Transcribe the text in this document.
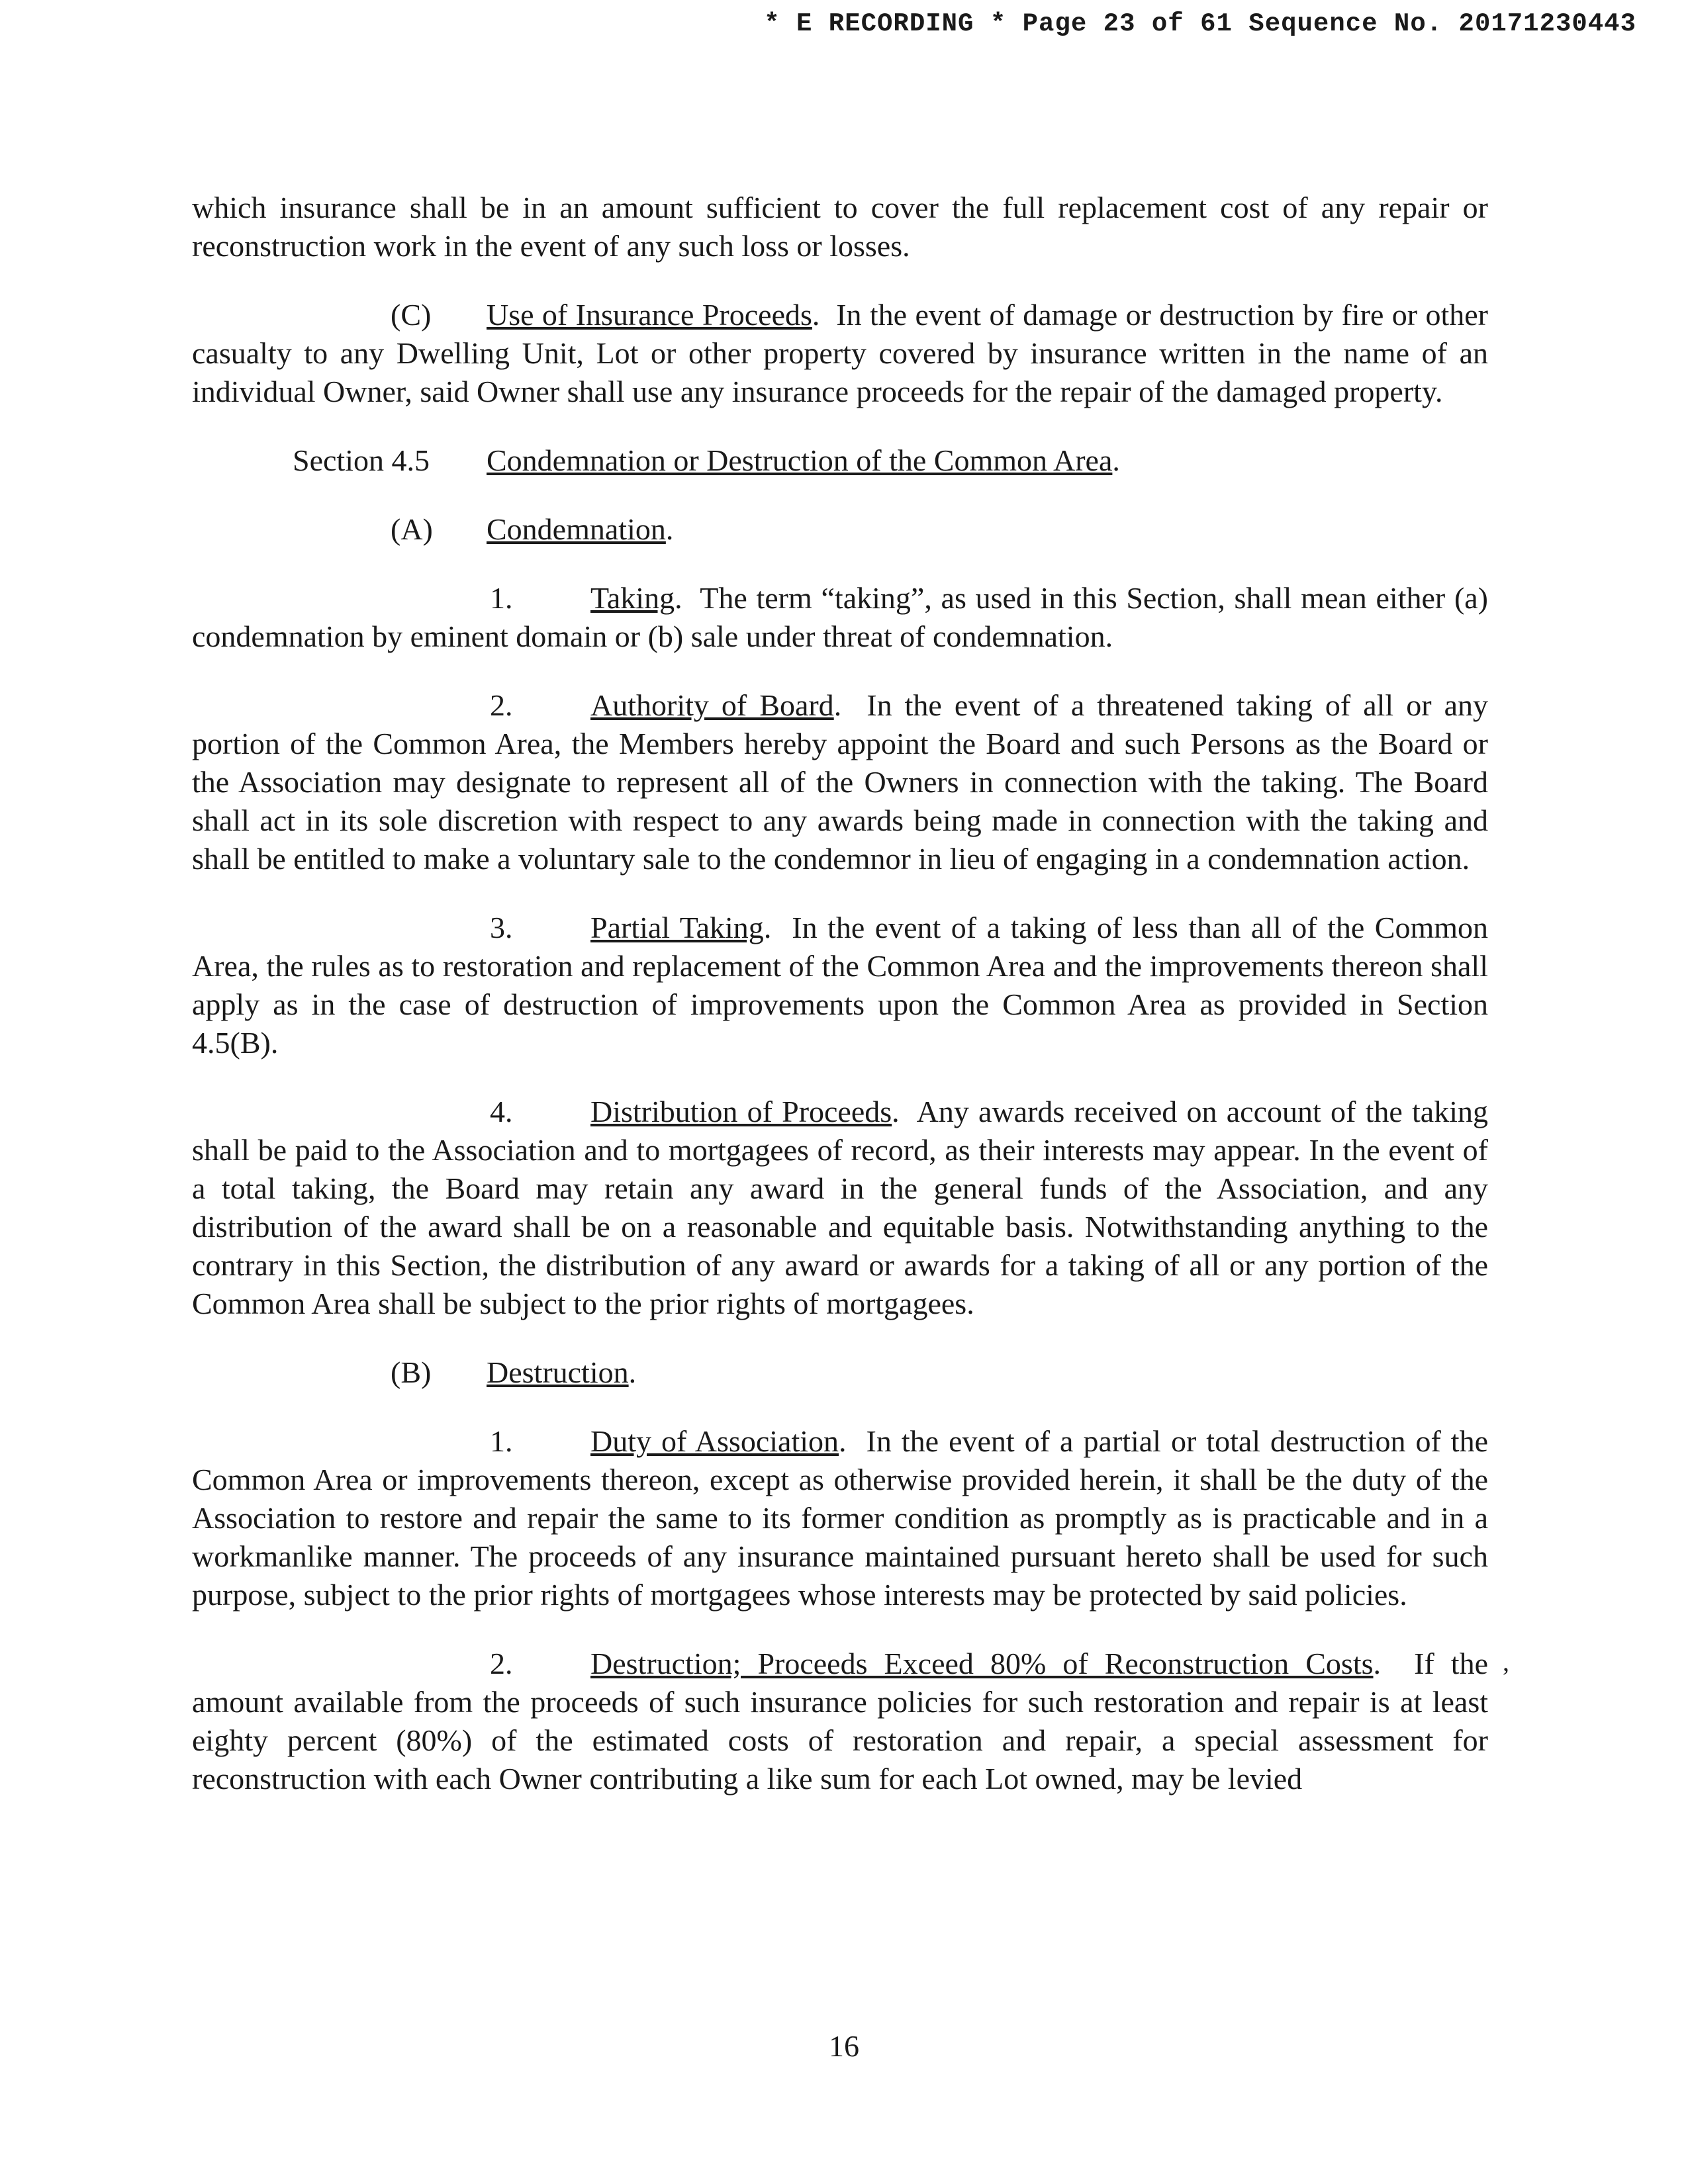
* E RECORDING * Page 23 of 61 Sequence No. 20171230443

which insurance shall be in an amount sufficient to cover the full replacement cost of any repair or reconstruction work in the event of any such loss or losses.

(C) Use of Insurance Proceeds.  In the event of damage or destruction by fire or other casualty to any Dwelling Unit, Lot or other property covered by insurance written in the name of an individual Owner, said Owner shall use any insurance proceeds for the repair of the damaged property.

Section 4.5 Condemnation or Destruction of the Common Area.
(A) Condemnation.

1.	Taking.  The term “taking”, as used in this Section, shall mean either (a) condemnation by eminent domain or (b) sale under threat of condemnation.

2.	Authority of Board.  In the event of a threatened taking of all or any portion of the Common Area, the Members hereby appoint the Board and such Persons as the Board or the Association may designate to represent all of the Owners in connection with the taking. The Board shall act in its sole discretion with respect to any awards being made in connection with the taking and shall be entitled to make a voluntary sale to the condemnor in lieu of engaging in a condemnation action.

3.	Partial Taking.  In the event of a taking of less than all of the Common Area, the rules as to restoration and replacement of the Common Area and the improvements thereon shall apply as in the case of destruction of improvements upon the Common Area as provided in Section 4.5(B).

4.	Distribution of Proceeds.  Any awards received on account of the taking shall be paid to the Association and to mortgagees of record, as their interests may appear. In the event of a total taking, the Board may retain any award in the general funds of the Association, and any distribution of the award shall be on a reasonable and equitable basis. Notwithstanding anything to the contrary in this Section, the distribution of any award or awards for a taking of all or any portion of the Common Area shall be subject to the prior rights of mortgagees.

(B) Destruction.

1.	Duty of Association.  In the event of a partial or total destruction of the Common Area or improvements thereon, except as otherwise provided herein, it shall be the duty of the Association to restore and repair the same to its former condition as promptly as is practicable and in a workmanlike manner. The proceeds of any insurance maintained pursuant hereto shall be used for such purpose, subject to the prior rights of mortgagees whose interests may be protected by said policies.

2.	Destruction; Proceeds Exceed 80% of Reconstruction Costs.  If the amount available from the proceeds of such insurance policies for such restoration and repair is at least eighty percent (80%) of the estimated costs of restoration and repair, a special assessment for reconstruction with each Owner contributing a like sum for each Lot owned, may be levied

’
16
